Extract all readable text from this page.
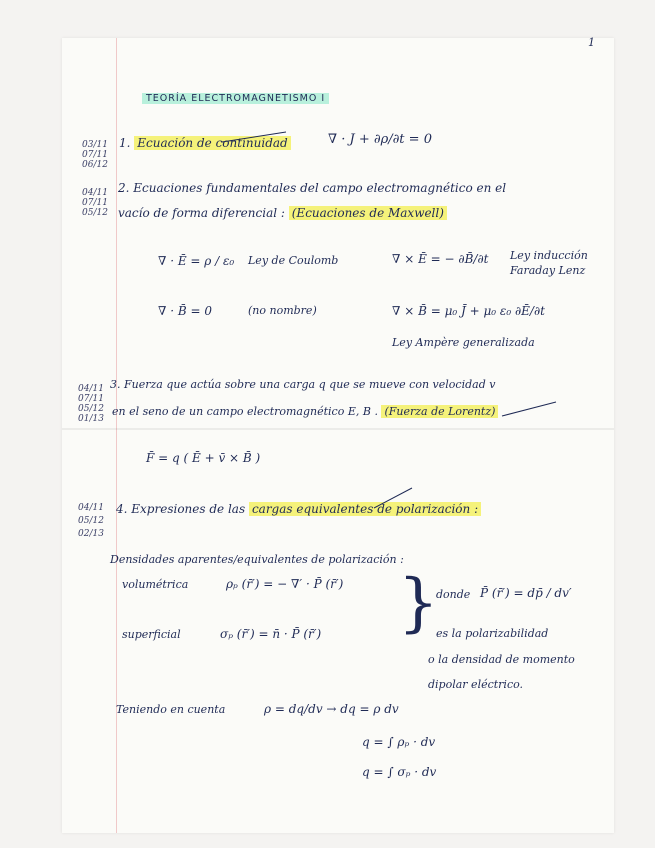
1
TEORÍA ELECTROMAGNETISMO I
03/11
07/11
06/12
1. Ecuación de continuidad	∇ · J + ∂ρ/∂t = 0
04/11
07/11
05/12
2. Ecuaciones fundamentales del campo electromagnético en el
vacío de forma diferencial : (Ecuaciones de Maxwell)
∇ · Ē = ρ / ε₀ Ley de Coulomb	∇ × Ē = − ∂B̄/∂t Ley inducción
Faraday Lenz
∇ · B̄ = 0	(no nombre)	∇ × B̄ = μ₀ J̄ + μ₀ ε₀ ∂Ē/∂t
Ley Ampère generalizada
04/11
07/11
05/12
01/13
3. Fuerza que actúa sobre una carga q que se mueve con velocidad v
en el seno de un campo electromagnético E, B . (Fuerza de Lorentz)
F̄ = q ( Ē + v̄ × B̄ )
04/11
05/12
02/13
4. Expresiones de las cargas equivalentes de polarización :
Densidades aparentes/equivalentes de polarización :
volumétrica	ρₚ (r̄′) = − ∇′ · P̄ (r̄′)
superficial	σₚ (r̄′) = n̄ · P̄ (r̄′) }
donde P̄ (r̄′) = dp̄ / dv′
es la polarizabilidad
o la densidad de momento
dipolar eléctrico.
Teniendo en cuenta	ρ = dq/dv → dq = ρ dv
q = ∫ ρₚ · dv
q = ∫ σₚ · dv
